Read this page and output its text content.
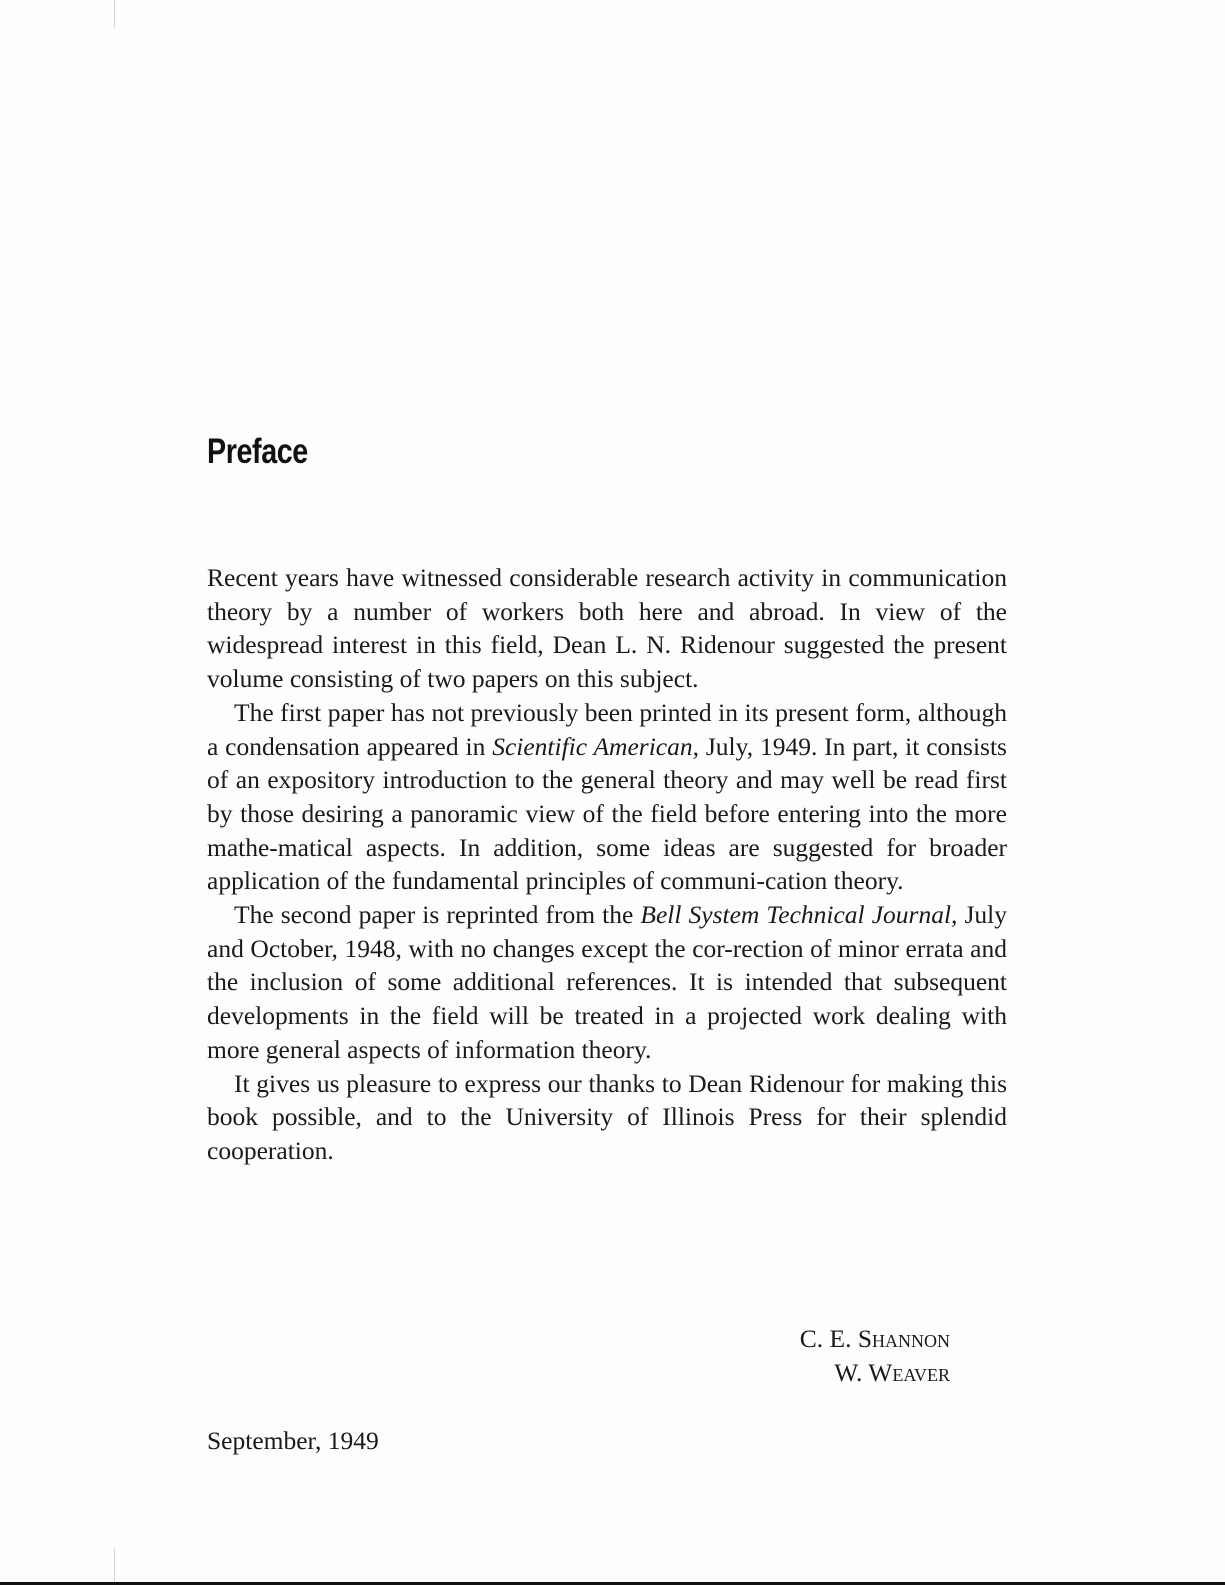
Preface

Recent years have witnessed considerable research activity in communication theory by a number of workers both here and abroad. In view of the widespread interest in this field, Dean L. N. Ridenour suggested the present volume consisting of two papers on this subject.

The first paper has not previously been printed in its present form, although a condensation appeared in Scientific American, July, 1949. In part, it consists of an expository introduction to the general theory and may well be read first by those desiring a panoramic view of the field before entering into the more mathe-matical aspects. In addition, some ideas are suggested for broader application of the fundamental principles of communi-cation theory.

The second paper is reprinted from the Bell System Technical Journal, July and October, 1948, with no changes except the cor-rection of minor errata and the inclusion of some additional references. It is intended that subsequent developments in the field will be treated in a projected work dealing with more general aspects of information theory.

It gives us pleasure to express our thanks to Dean Ridenour for making this book possible, and to the University of Illinois Press for their splendid cooperation.

C. E. Shannon
W. Weaver
September, 1949
